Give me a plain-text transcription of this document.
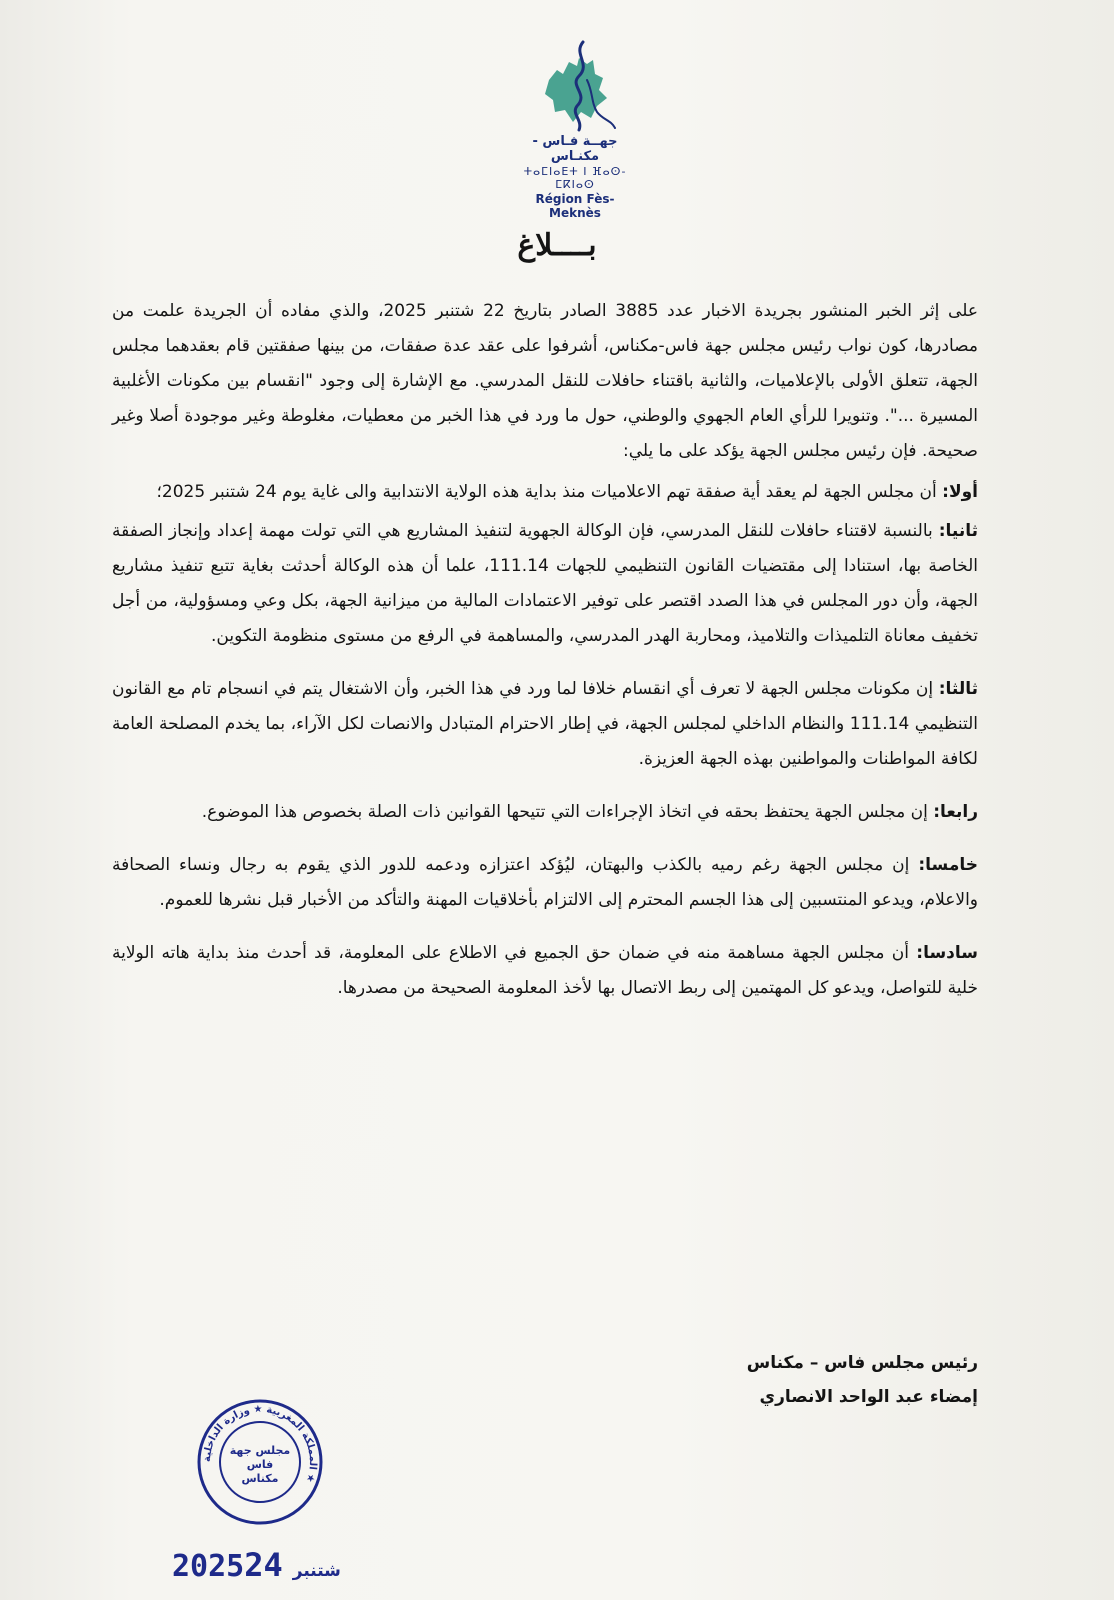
جهــة فـاس - مكنـاس
ⵜⴰⵎⵏⴰⴹⵜ ⵏ ⴼⴰⵙ-ⵎⴽⵏⴰⵙ
Région Fès-Meknès
بــــلاغ

على إثر الخبر المنشور بجريدة الاخبار عدد 3885 الصادر بتاريخ 22 شتنبر 2025، والذي مفاده أن الجريدة علمت من مصادرها، كون نواب رئيس مجلس جهة فاس-مكناس، أشرفوا على عقد عدة صفقات، من بينها صفقتين قام بعقدهما مجلس الجهة، تتعلق الأولى بالإعلاميات، والثانية باقتناء حافلات للنقل المدرسي. مع الإشارة إلى وجود "انقسام بين مكونات الأغلبية المسيرة ...". وتنويرا للرأي العام الجهوي والوطني، حول ما ورد في هذا الخبر من معطيات، مغلوطة وغير موجودة أصلا وغير صحيحة. فإن رئيس مجلس الجهة يؤكد على ما يلي:

أولا: أن مجلس الجهة لم يعقد أية صفقة تهم الاعلاميات منذ بداية هذه الولاية الانتدابية والى غاية يوم 24 شتنبر 2025؛

ثانيا: بالنسبة لاقتناء حافلات للنقل المدرسي، فإن الوكالة الجهوية لتنفيذ المشاريع هي التي تولت مهمة إعداد وإنجاز الصفقة الخاصة بها، استنادا إلى مقتضيات القانون التنظيمي للجهات 111.14، علما أن هذه الوكالة أحدثت بغاية تتبع تنفيذ مشاريع الجهة، وأن دور المجلس في هذا الصدد اقتصر على توفير الاعتمادات المالية من ميزانية الجهة، بكل وعي ومسؤولية، من أجل تخفيف معاناة التلميذات والتلاميذ، ومحاربة الهدر المدرسي، والمساهمة في الرفع من مستوى منظومة التكوين.

ثالثا: إن مكونات مجلس الجهة لا تعرف أي انقسام خلافا لما ورد في هذا الخبر، وأن الاشتغال يتم في انسجام تام مع القانون التنظيمي 111.14 والنظام الداخلي لمجلس الجهة، في إطار الاحترام المتبادل والانصات لكل الآراء، بما يخدم المصلحة العامة لكافة المواطنات والمواطنين بهذه الجهة العزيزة.

رابعا: إن مجلس الجهة يحتفظ بحقه في اتخاذ الإجراءات التي تتيحها القوانين ذات الصلة بخصوص هذا الموضوع.

خامسا: إن مجلس الجهة رغم رميه بالكذب والبهتان، ليُؤكد اعتزازه ودعمه للدور الذي يقوم به رجال ونساء الصحافة والاعلام، ويدعو المنتسبين إلى هذا الجسم المحترم إلى الالتزام بأخلاقيات المهنة والتأكد من الأخبار قبل نشرها للعموم.

سادسا: أن مجلس الجهة مساهمة منه في ضمان حق الجميع في الاطلاع على المعلومة، قد أحدث منذ بداية هاته الولاية خلية للتواصل، ويدعو كل المهتمين إلى ربط الاتصال بها لأخذ المعلومة الصحيحة من مصدرها.

رئيس مجلس فاس – مكناس
إمضاء عبد الواحد الانصاري
المملكة المغربية ★ وزارة الداخلية ★
مجلس جهة
فاس
مكناس
2025	شتنبر24
